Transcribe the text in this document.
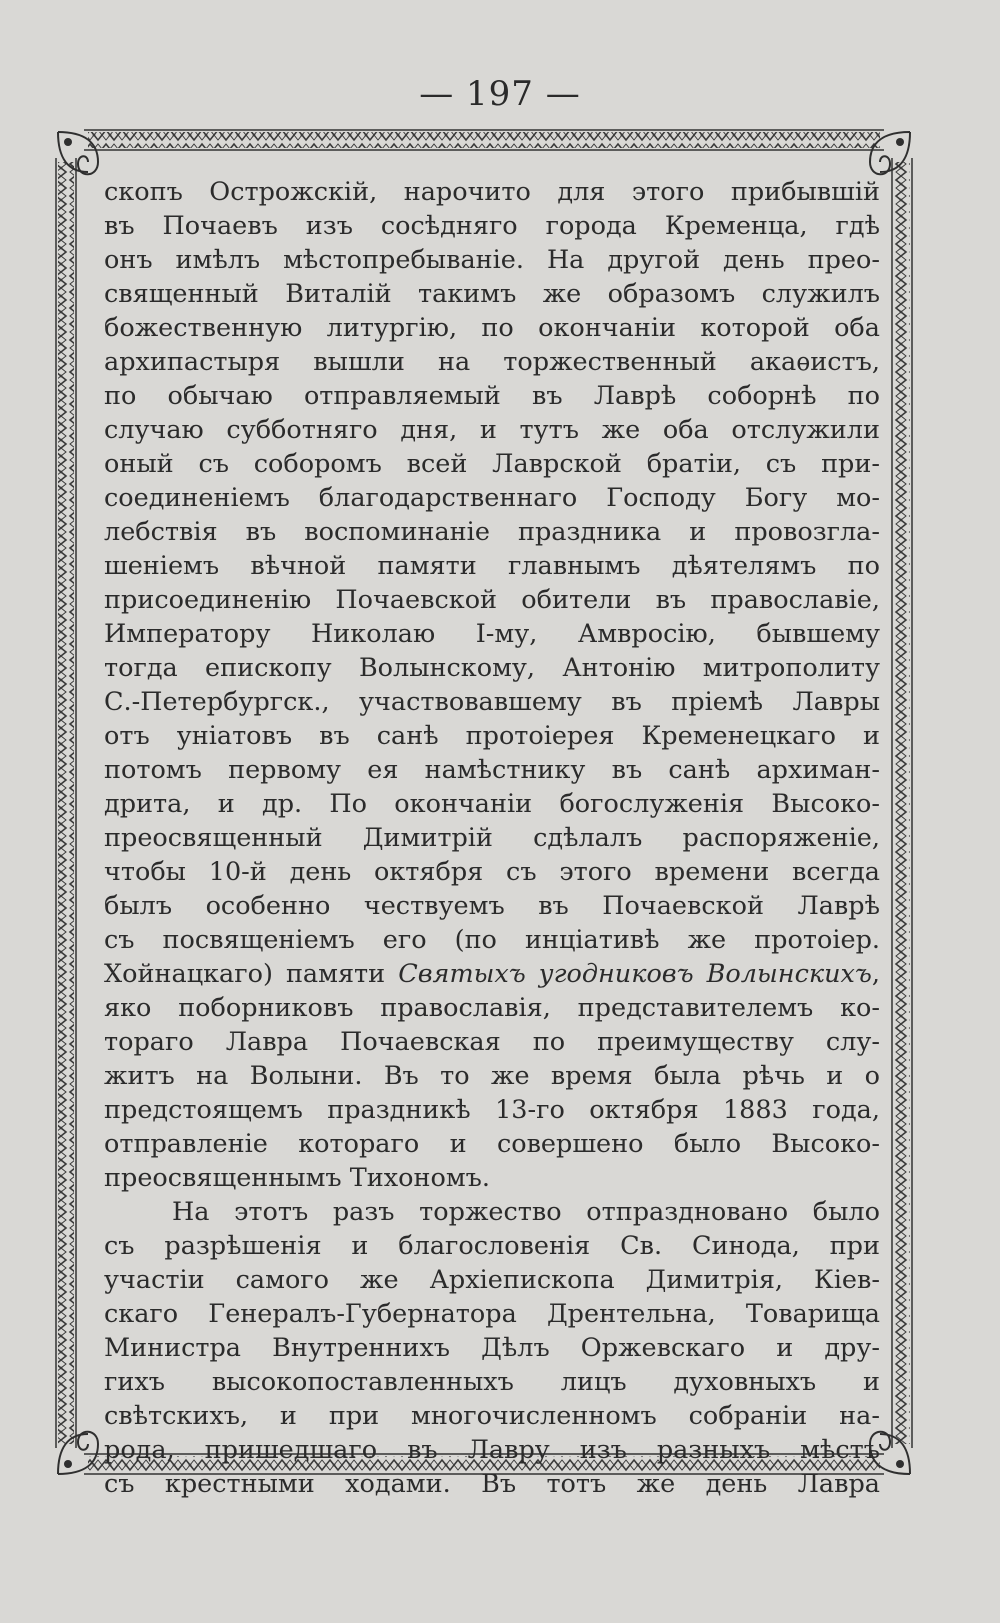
— 197 —
скопъ Острожскій, нарочито для этого прибывшій
въ Почаевъ изъ сосѣдняго города Кременца, гдѣ
онъ имѣлъ мѣстопребываніе. На другой день прео-
священный Виталій такимъ же образомъ служилъ
божественную литургію, по окончаніи которой оба
архипастыря вышли на торжественный акаѳистъ,
по обычаю отправляемый въ Лаврѣ соборнѣ по
случаю субботняго дня, и тутъ же оба отслужили
оный съ соборомъ всей Лаврской братіи, съ при-
соединеніемъ благодарственнаго Господу Богу мо-
лебствія въ воспоминаніе праздника и провозгла-
шеніемъ вѣчной памяти главнымъ дѣятелямъ по
присоединенію Почаевской обители въ православіе,
Императору Николаю І-му, Амвросію, бывшему
тогда епископу Волынскому, Антонію митрополиту
С.-Петербургск., участвовавшему въ пріемѣ Лавры
отъ уніатовъ въ санѣ протоіерея Кременецкаго и
потомъ первому ея намѣстнику въ санѣ архиман-
дрита, и др. По окончаніи богослуженія Высоко-
преосвященный Димитрій сдѣлалъ распоряженіе,
чтобы 10-й день октября съ этого времени всегда
былъ особенно чествуемъ въ Почаевской Лаврѣ
съ посвященіемъ его (по инціативѣ же протоіер.
Хойнацкаго) памяти Святыхъ угодниковъ Волынскихъ,
яко поборниковъ православія, представителемъ ко-
тораго Лавра Почаевская по преимуществу слу-
житъ на Волыни. Въ то же время была рѣчь и о
предстоящемъ праздникѣ 13-го октября 1883 года,
отправленіе котораго и совершено было Высоко-
преосвященнымъ Тихономъ.
На этотъ разъ торжество отпраздновано было
съ разрѣшенія и благословенія Св. Синода, при
участіи самого же Архіепископа Димитрія, Кіев-
скаго Генералъ-Губернатора Дрентельна, Товарища
Министра Внутреннихъ Дѣлъ Оржевскаго и дру-
гихъ высокопоставленныхъ лицъ духовныхъ и
свѣтскихъ, и при многочисленномъ собраніи на-
рода, пришедшаго въ Лавру изъ разныхъ мѣстъ
съ крестными ходами. Въ тотъ же день Лавра
